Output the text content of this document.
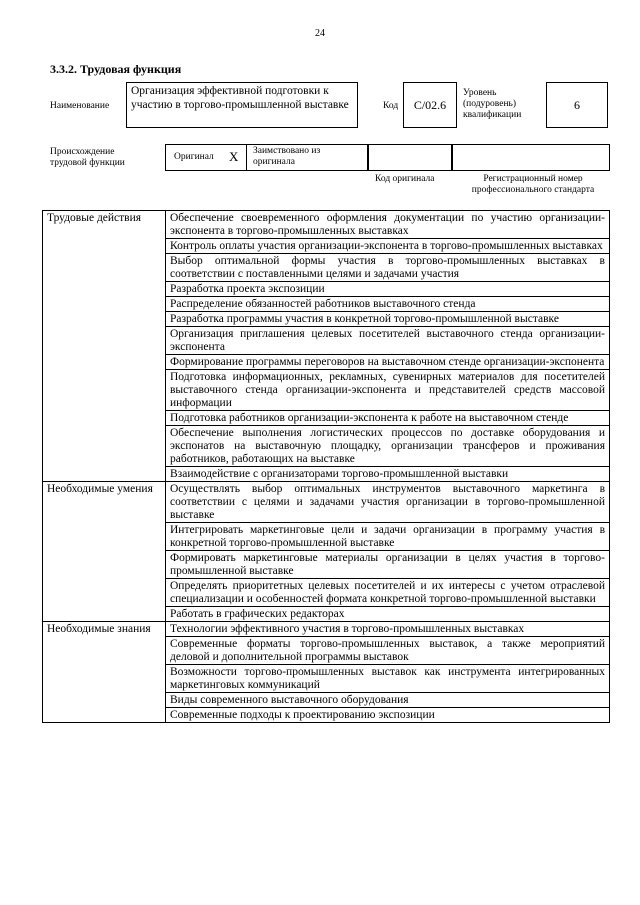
24
3.3.2. Трудовая функция
Наименование
Организация эффективной подготовки к участию в торгово-промышленной выставке	Код	С/02.6
Уровень (подуровень) квалификации
6
Происхождение трудовой функции
Оригинал X Заимствовано из оригинала
Код оригинала	Регистрационный номер профессионального стандарта
Трудовые действия	Обеспечение своевременного оформления документации по участию организации-экспонента в торгово-промышленных выставках
	Контроль оплаты участия организации-экспонента в торгово-промышленных выставках
	Выбор оптимальной формы участия в торгово-промышленных выставках в соответствии с поставленными целями и задачами участия
	Разработка проекта экспозиции
	Распределение обязанностей работников выставочного стенда
	Разработка программы участия в конкретной торгово-промышленной выставке
	Организация приглашения целевых посетителей выставочного стенда организации-экспонента
	Формирование программы переговоров на выставочном стенде организации-экспонента
	Подготовка информационных, рекламных, сувенирных материалов для посетителей выставочного стенда организации-экспонента и представителей средств массовой информации
	Подготовка работников организации-экспонента к работе на выставочном стенде
	Обеспечение выполнения логистических процессов по доставке оборудования и экспонатов на выставочную площадку, организации трансферов и проживания работников, работающих на выставке
	Взаимодействие с организаторами торгово-промышленной выставки
Необходимые умения	Осуществлять выбор оптимальных инструментов выставочного маркетинга в соответствии с целями и задачами участия организации в торгово-промышленной выставке
	Интегрировать маркетинговые цели и задачи организации в программу участия в конкретной торгово-промышленной выставке
	Формировать маркетинговые материалы организации в целях участия в торгово-промышленной выставке
	Определять приоритетных целевых посетителей и их интересы с учетом отраслевой специализации и особенностей формата конкретной торгово-промышленной выставки
	Работать в графических редакторах
Необходимые знания	Технологии эффективного участия в торгово-промышленных выставках
	Современные форматы торгово-промышленных выставок, а также мероприятий деловой и дополнительной программы выставок
	Возможности торгово-промышленных выставок как инструмента интегрированных маркетинговых коммуникаций
	Виды современного выставочного оборудования
	Современные подходы к проектированию экспозиции
